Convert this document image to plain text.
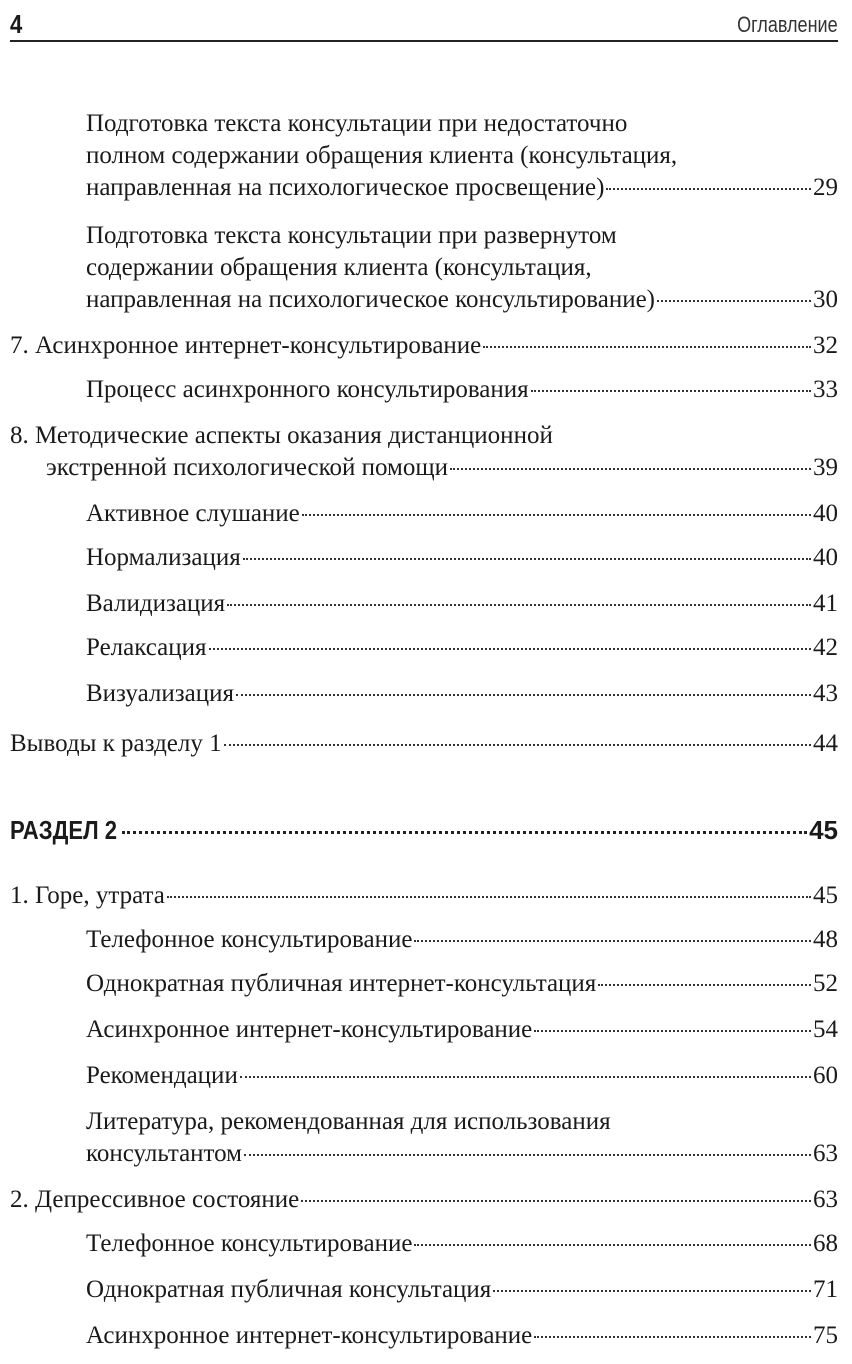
4	Оглавление
Подготовка текста консультации при недостаточно
полном содержании обращения клиента (консультация,
направленная на психологическое просвещение)	29
Подготовка текста консультации при развернутом
содержании обращения клиента (консультация,
направленная на психологическое консультирование)	30
7. Асинхронное интернет-консультирование	32
Процесс асинхронного консультирования	33
8. Методические аспекты оказания дистанционной
экстренной психологической помощи	39
Активное слушание	40
Нормализация	40
Валидизация	41
Релаксация	42
Визуализация	43
Выводы к разделу 1	44
РАЗДЕЛ 2	45
1. Горе, утрата	45
Телефонное консультирование	48
Однократная публичная интернет-консультация	52
Асинхронное интернет-консультирование	54
Рекомендации	60
Литература, рекомендованная для использования
консультантом	63
2. Депрессивное состояние	63
Телефонное консультирование	68
Однократная публичная консультация	71
Асинхронное интернет-консультирование	75
